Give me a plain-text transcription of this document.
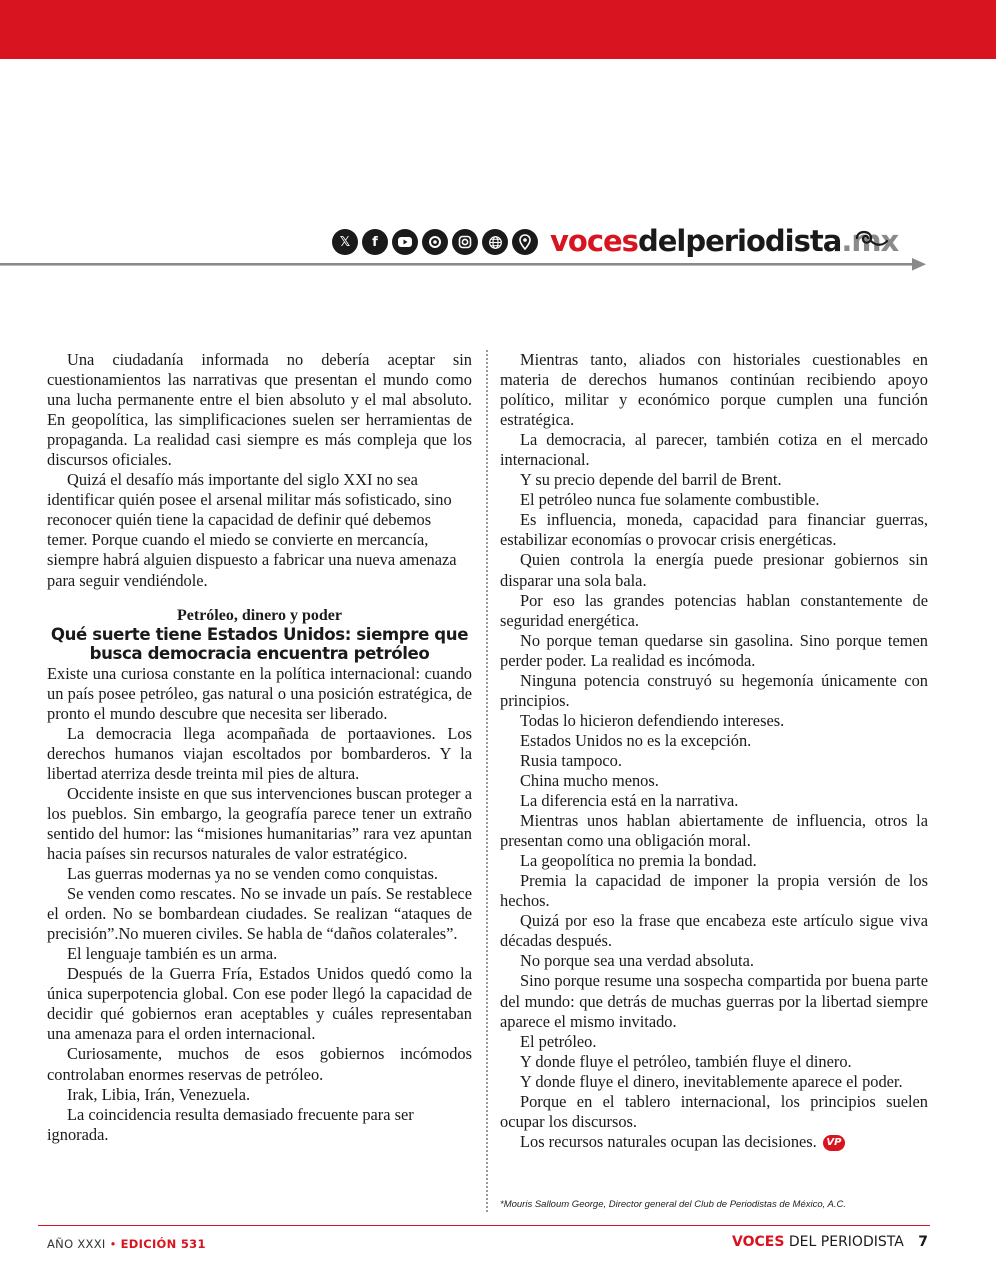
𝕏	f	vocesdelperiodista.mx

Una ciudadanía informada no debería aceptar sin cuestionamientos las narrativas que presentan el mundo como una lucha permanente entre el bien absoluto y el mal absoluto. En geopolítica, las simplificaciones suelen ser herramientas de propaganda. La realidad casi siempre es más compleja que los discursos oficiales.

Quizá el desafío más importante del siglo XXI no sea identificar quién posee el arsenal militar más sofisticado, sino reconocer quién tiene la capacidad de definir qué debemos temer. Porque cuando el miedo se convierte en mercancía, siempre habrá alguien dispuesto a fabricar una nueva amenaza para seguir vendiéndole.

Petróleo, dinero y poder
Qué suerte tiene Estados Unidos: siempre que busca democracia encuentra petróleo

Existe una curiosa constante en la política internacional: cuando un país posee petróleo, gas natural o una posición estratégica, de pronto el mundo descubre que necesita ser liberado.

La democracia llega acompañada de portaaviones. Los derechos humanos viajan escoltados por bombarderos. Y la libertad aterriza desde treinta mil pies de altura.

Occidente insiste en que sus intervenciones buscan proteger a los pueblos. Sin embargo, la geografía parece tener un extraño sentido del humor: las “misiones humanitarias” rara vez apuntan hacia países sin recursos naturales de valor estratégico.

Las guerras modernas ya no se venden como conquistas.

Se venden como rescates. No se invade un país. Se restablece el orden. No se bombardean ciudades. Se realizan “ataques de precisión”.No mueren civiles. Se habla de “daños colaterales”.

El lenguaje también es un arma.

Después de la Guerra Fría, Estados Unidos quedó como la única superpotencia global. Con ese poder llegó la capacidad de decidir qué gobiernos eran aceptables y cuáles representaban una amenaza para el orden internacional.

Curiosamente, muchos de esos gobiernos incómodos controlaban enormes reservas de petróleo.

Irak, Libia, Irán, Venezuela.

La coincidencia resulta demasiado frecuente para ser ignorada.

Mientras tanto, aliados con historiales cuestionables en materia de derechos humanos continúan recibiendo apoyo político, militar y económico porque cumplen una función estratégica.

La democracia, al parecer, también cotiza en el mercado internacional.

Y su precio depende del barril de Brent.

El petróleo nunca fue solamente combustible.

Es influencia, moneda, capacidad para financiar guerras, estabilizar economías o provocar crisis energéticas.

Quien controla la energía puede presionar gobiernos sin disparar una sola bala.

Por eso las grandes potencias hablan constantemente de seguridad energética.

No porque teman quedarse sin gasolina. Sino porque temen perder poder. La realidad es incómoda.

Ninguna potencia construyó su hegemonía únicamente con principios.

Todas lo hicieron defendiendo intereses.

Estados Unidos no es la excepción.

Rusia tampoco.

China mucho menos.

La diferencia está en la narrativa.

Mientras unos hablan abiertamente de influencia, otros la presentan como una obligación moral.

La geopolítica no premia la bondad.

Premia la capacidad de imponer la propia versión de los hechos.

Quizá por eso la frase que encabeza este artículo sigue viva décadas después.

No porque sea una verdad absoluta.

Sino porque resume una sospecha compartida por buena parte del mundo: que detrás de muchas guerras por la libertad siempre aparece el mismo invitado.

El petróleo.

Y donde fluye el petróleo, también fluye el dinero.

Y donde fluye el dinero, inevitablemente aparece el poder.

Porque en el tablero internacional, los principios suelen ocupar los discursos.

Los recursos naturales ocupan las decisiones. VP

*Mouris Salloum George, Director general del Club de Periodistas de México, A.C.
AÑO XXXI • EDICIÓN 531	VOCES DEL PERIODISTA 7
